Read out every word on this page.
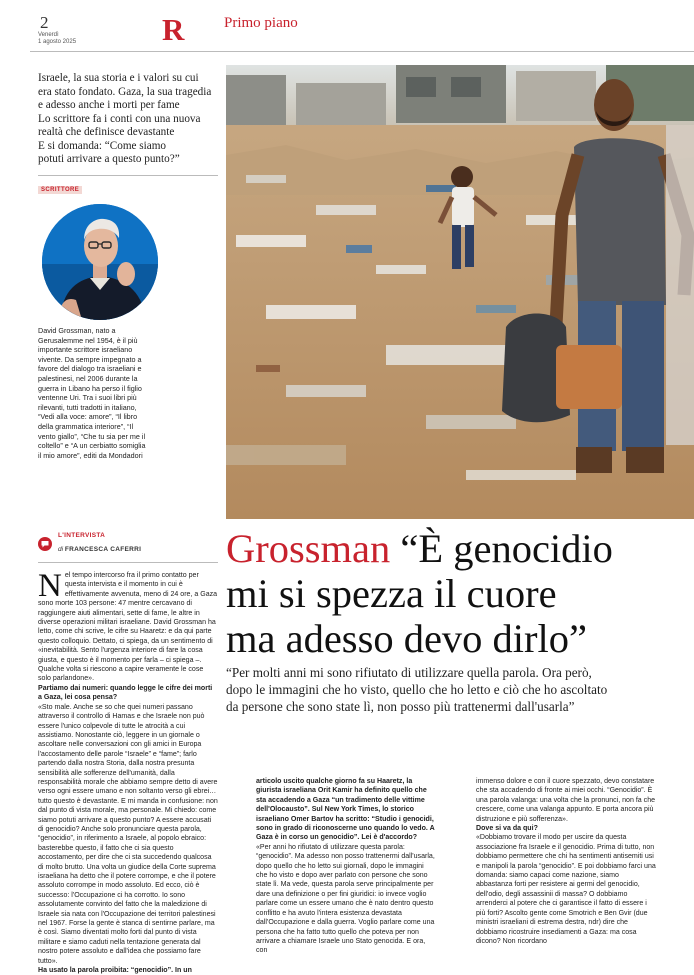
2
Venerdì
1 agosto 2025	R	Primo piano
Israele, la sua storia e i valori su cui
era stato fondato. Gaza, la sua tragedia
e adesso anche i morti per fame
Lo scrittore fa i conti con una nuova
realtà che definisce devastante
E si domanda: “Come siamo
potuti arrivare a questo punto?”
SCRITTORE
David Grossman, nato a
Gerusalemme nel 1954, è il più
importante scrittore israeliano
vivente. Da sempre impegnato a
favore del dialogo tra israeliani e
palestinesi, nel 2006 durante la
guerra in Libano ha perso il figlio
ventenne Uri. Tra i suoi libri più
rilevanti, tutti tradotti in italiano,
“Vedi alla voce: amore”, “Il libro
della grammatica interiore”, “Il
vento giallo”, “Che tu sia per me il
coltello” e “A un cerbiatto somiglia
il mio amore”, editi da Mondadori
L'INTERVISTA
di FRANCESCA CAFERRI Grossman “È genocidio
mi si spezza il cuore
ma adesso devo dirlo”
“Per molti anni mi sono rifiutato di utilizzare quella parola. Ora però,
dopo le immagini che ho visto, quello che ho letto e ciò che ho ascoltato
da persone che sono state lì, non posso più trattenermi dall'usarla”
N el tempo intercorso fra il primo contatto per questa intervista e il momento in cui è effettivamente avvenuta, meno di 24 ore, a Gaza sono morte 103 persone: 47 mentre cercavano di raggiungere aiuti alimentari, sette di fame, le altre in diverse operazioni militari israeliane. David Grossman ha letto, come chi scrive, le cifre su Haaretz: e da qui parte questo colloquio. Dettato, ci spiega, da un sentimento di «inevitabilità. Sento l'urgenza interiore di fare la cosa giusta, e questo è il momento per farla – ci spiega –. Qualche volta si riescono a capire veramente le cose solo parlandone».

Partiamo dai numeri: quando legge le cifre dei morti a Gaza, lei cosa pensa?

«Sto male. Anche se so che quei numeri passano attraverso il controllo di Hamas e che Israele non può essere l'unico colpevole di tutte le atrocità a cui assistiamo. Nonostante ciò, leggere in un giornale o ascoltare nelle conversazioni con gli amici in Europa l'accostamento delle parole “Israele” e “fame”; farlo partendo dalla nostra Storia, dalla nostra presunta sensibilità alle sofferenze dell'umanità, dalla responsabilità morale che abbiamo sempre detto di avere verso ogni essere umano e non soltanto verso gli ebrei… tutto questo è devastante. E mi manda in confusione: non dal punto di vista morale, ma personale. Mi chiedo: come siamo potuti arrivare a questo punto? A essere accusati di genocidio? Anche solo pronunciare questa parola, “genocidio”, in riferimento a Israele, al popolo ebraico: basterebbe questo, il fatto che ci sia questo accostamento, per dire che ci sta succedendo qualcosa di molto brutto. Una volta un giudice della Corte suprema israeliana ha detto che il potere corrompe, e che il potere assoluto corrompe in modo assoluto. Ed ecco, ciò è successo: l'Occupazione ci ha corrotto. Io sono assolutamente convinto del fatto che la maledizione di Israele sia nata con l'Occupazione dei territori palestinesi nel 1967. Forse la gente è stanca di sentirne parlare, ma è così. Siamo diventati molto forti dal punto di vista militare e siamo caduti nella tentazione generata dal nostro potere assoluto e dall'idea che possiamo fare tutto».

Ha usato la parola proibita: “genocidio”. In un

articolo uscito qualche giorno fa su Haaretz, la giurista israeliana Orit Kamir ha definito quello che sta accadendo a Gaza “un tradimento delle vittime dell'Olocausto”. Sul New York Times, lo storico israeliano Omer Bartov ha scritto: “Studio i genocidi, sono in grado di riconoscerne uno quando lo vedo. A Gaza è in corso un genocidio”. Lei è d'accordo?

«Per anni ho rifiutato di utilizzare questa parola: “genocidio”. Ma adesso non posso trattenermi dall'usarla, dopo quello che ho letto sui giornali, dopo le immagini che ho visto e dopo aver parlato con persone che sono state lì. Ma vede, questa parola serve principalmente per dare una definizione o per fini giuridici: io invece voglio parlare come un essere umano che è nato dentro questo conflitto e ha avuto l'intera esistenza devastata dall'Occupazione e dalla guerra. Voglio parlare come una persona che ha fatto tutto quello che poteva per non arrivare a chiamare Israele uno Stato genocida. E ora, con

immenso dolore e con il cuore spezzato, devo constatare che sta accadendo di fronte ai miei occhi. “Genocidio”. È una parola valanga: una volta che la pronunci, non fa che crescere, come una valanga appunto. E porta ancora più distruzione e più sofferenza».

Dove si va da qui?

«Dobbiamo trovare il modo per uscire da questa associazione fra Israele e il genocidio. Prima di tutto, non dobbiamo permettere che chi ha sentimenti antisemiti usi e manipoli la parola “genocidio”. E poi dobbiamo farci una domanda: siamo capaci come nazione, siamo abbastanza forti per resistere ai germi del genocidio, dell'odio, degli assassinii di massa? O dobbiamo arrenderci al potere che ci garantisce il fatto di essere i più forti? Ascolto gente come Smotrich e Ben Gvir (due ministri israeliani di estrema destra, ndr) dire che dobbiamo ricostruire insediamenti a Gaza: ma cosa dicono? Non ricordano
